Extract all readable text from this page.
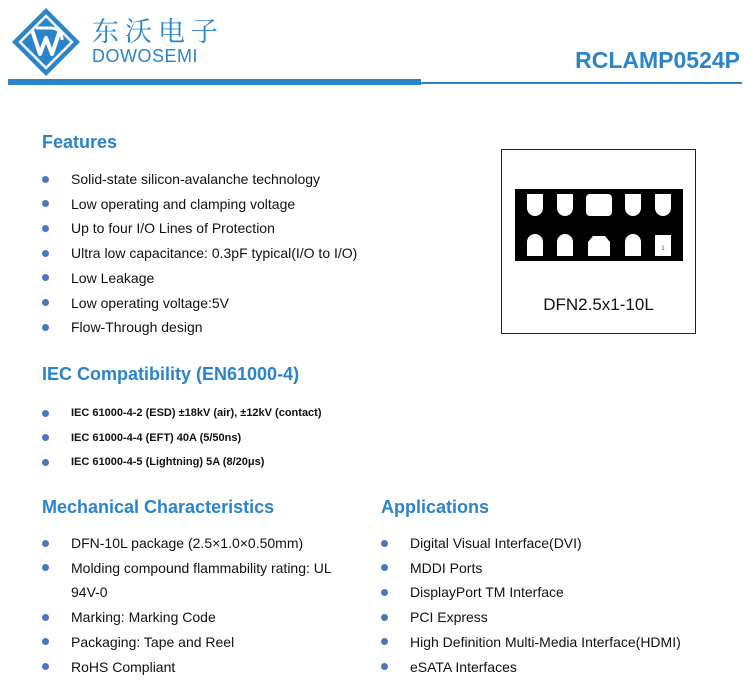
东沃电子
DOWOSEMI	RCLAMP0524P
Features
Solid-state silicon-avalanche technology
Low operating and clamping voltage
Up to four I/O Lines of Protection
Ultra low capacitance: 0.3pF typical(I/O to I/O)
Low Leakage
Low operating voltage:5V
Flow-Through design
1
DFN2.5x1-10L
IEC Compatibility (EN61000-4)
IEC 61000-4-2 (ESD) ±18kV (air), ±12kV (contact)
IEC 61000-4-4 (EFT) 40A (5/50ns)
IEC 61000-4-5 (Lightning) 5A (8/20μs)
Mechanical Characteristics
DFN-10L package (2.5×1.0×0.50mm)
Molding compound flammability rating: UL 94V-0
Marking: Marking Code
Packaging: Tape and Reel
RoHS Compliant
Applications
Digital Visual Interface(DVI)
MDDI Ports
DisplayPort TM Interface
PCI Express
High Definition Multi-Media Interface(HDMI)
eSATA Interfaces
